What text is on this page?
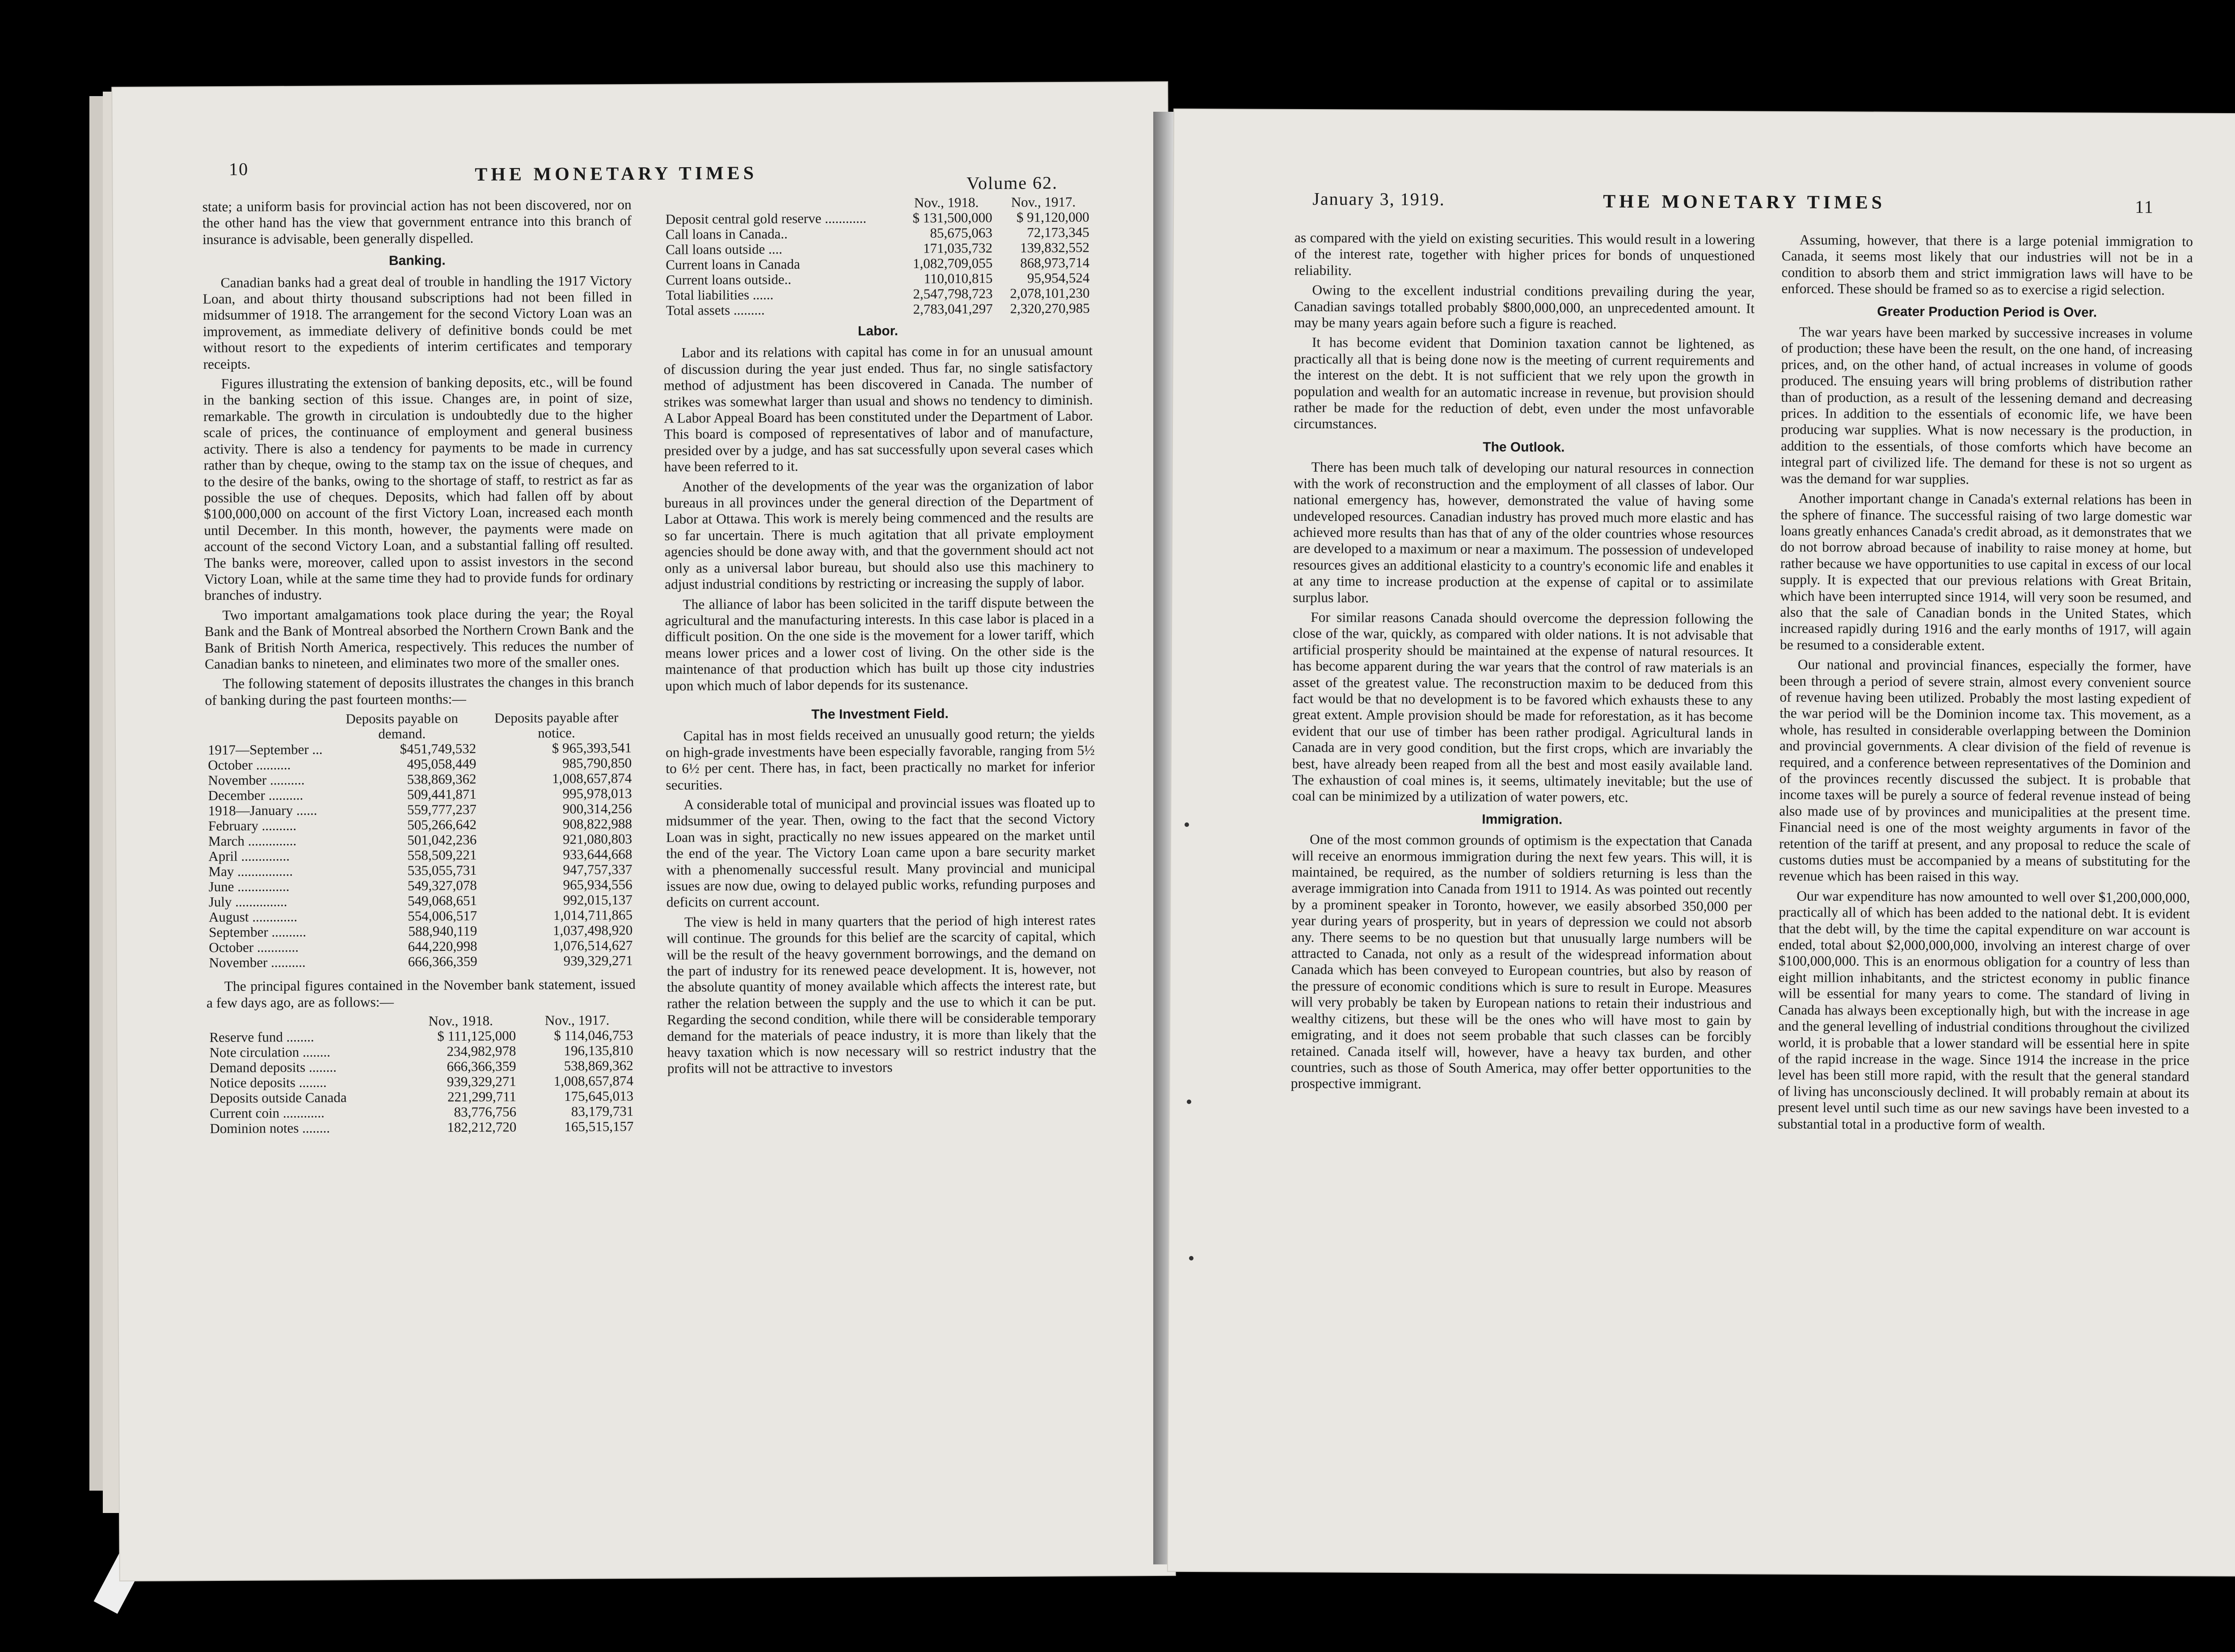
10	THE MONETARY TIMES	Volume 62.

state; a uniform basis for provincial action has not been discovered, nor on the other hand has the view that government entrance into this branch of insurance is advisable, been generally dispelled.

Banking.

Canadian banks had a great deal of trouble in handling the 1917 Victory Loan, and about thirty thousand subscriptions had not been filled in midsummer of 1918. The arrangement for the second Victory Loan was an improvement, as immediate delivery of definitive bonds could be met without resort to the expedients of interim certificates and temporary receipts.

Figures illustrating the extension of banking deposits, etc., will be found in the banking section of this issue. Changes are, in point of size, remarkable. The growth in circulation is undoubtedly due to the higher scale of prices, the continuance of employment and general business activity. There is also a tendency for payments to be made in currency rather than by cheque, owing to the stamp tax on the issue of cheques, and to the desire of the banks, owing to the shortage of staff, to restrict as far as possible the use of cheques. Deposits, which had fallen off by about $100,000,000 on account of the first Victory Loan, increased each month until December. In this month, however, the payments were made on account of the second Victory Loan, and a substantial falling off resulted. The banks were, moreover, called upon to assist investors in the second Victory Loan, while at the same time they had to provide funds for ordinary branches of industry.

Two important amalgamations took place during the year; the Royal Bank and the Bank of Montreal absorbed the Northern Crown Bank and the Bank of British North America, respectively. This reduces the number of Canadian banks to nineteen, and eliminates two more of the smaller ones.

The following statement of deposits illustrates the changes in this branch of banking during the past fourteen months:—

	Deposits payable on demand.	Deposits payable after notice.
1917—September ...	$451,749,532	$ 965,393,541
October ..........	495,058,449	985,790,850
November ..........	538,869,362	1,008,657,874
December ..........	509,441,871	995,978,013
1918—January ......	559,777,237	900,314,256
February ..........	505,266,642	908,822,988
March ..............	501,042,236	921,080,803
April ..............	558,509,221	933,644,668
May ................	535,055,731	947,757,337
June ...............	549,327,078	965,934,556
July ...............	549,068,651	992,015,137
August .............	554,006,517	1,014,711,865
September ..........	588,940,119	1,037,498,920
October ............	644,220,998	1,076,514,627
November ..........	666,366,359	939,329,271

The principal figures contained in the November bank statement, issued a few days ago, are as follows:—

	Nov., 1918.	Nov., 1917.
Reserve fund ........	$ 111,125,000	$ 114,046,753
Note circulation ........	234,982,978	196,135,810
Demand deposits ........	666,366,359	538,869,362
Notice deposits ........	939,329,271	1,008,657,874
Deposits outside Canada	221,299,711	175,645,013
Current coin ............	83,776,756	83,179,731
Dominion notes ........	182,212,720	165,515,157
	Nov., 1918.	Nov., 1917.
Deposit central gold reserve ............	$ 131,500,000	$ 91,120,000
Call loans in Canada..	85,675,063	72,173,345
Call loans outside ....	171,035,732	139,832,552
Current loans in Canada	1,082,709,055	868,973,714
Current loans outside..	110,010,815	95,954,524
Total liabilities ......	2,547,798,723	2,078,101,230
Total assets .........	2,783,041,297	2,320,270,985
Labor.

Labor and its relations with capital has come in for an unusual amount of discussion during the year just ended. Thus far, no single satisfactory method of adjustment has been discovered in Canada. The number of strikes was somewhat larger than usual and shows no tendency to diminish. A Labor Appeal Board has been constituted under the Department of Labor. This board is composed of representatives of labor and of manufacture, presided over by a judge, and has sat successfully upon several cases which have been referred to it.

Another of the developments of the year was the organization of labor bureaus in all provinces under the general direction of the Department of Labor at Ottawa. This work is merely being commenced and the results are so far uncertain. There is much agitation that all private employment agencies should be done away with, and that the government should act not only as a universal labor bureau, but should also use this machinery to adjust industrial conditions by restricting or increasing the supply of labor.

The alliance of labor has been solicited in the tariff dispute between the agricultural and the manufacturing interests. In this case labor is placed in a difficult position. On the one side is the movement for a lower tariff, which means lower prices and a lower cost of living. On the other side is the maintenance of that production which has built up those city industries upon which much of labor depends for its sustenance.

The Investment Field.

Capital has in most fields received an unusually good return; the yields on high-grade investments have been especially favorable, ranging from 5½ to 6½ per cent. There has, in fact, been practically no market for inferior securities.

A considerable total of municipal and provincial issues was floated up to midsummer of the year. Then, owing to the fact that the second Victory Loan was in sight, practically no new issues appeared on the market until the end of the year. The Victory Loan came upon a bare security market with a phenomenally successful result. Many provincial and municipal issues are now due, owing to delayed public works, refunding purposes and deficits on current account.

The view is held in many quarters that the period of high interest rates will continue. The grounds for this belief are the scarcity of capital, which will be the result of the heavy government borrowings, and the demand on the part of industry for its renewed peace development. It is, however, not the absolute quantity of money available which affects the interest rate, but rather the relation between the supply and the use to which it can be put. Regarding the second condition, while there will be considerable temporary demand for the materials of peace industry, it is more than likely that the heavy taxation which is now necessary will so restrict industry that the profits will not be attractive to investors

January 3, 1919.	THE MONETARY TIMES	11

as compared with the yield on existing securities. This would result in a lowering of the interest rate, together with higher prices for bonds of unquestioned reliability.

Owing to the excellent industrial conditions prevailing during the year, Canadian savings totalled probably $800,000,000, an unprecedented amount. It may be many years again before such a figure is reached.

It has become evident that Dominion taxation cannot be lightened, as practically all that is being done now is the meeting of current requirements and the interest on the debt. It is not sufficient that we rely upon the growth in population and wealth for an automatic increase in revenue, but provision should rather be made for the reduction of debt, even under the most unfavorable circumstances.

The Outlook.

There has been much talk of developing our natural resources in connection with the work of reconstruction and the employment of all classes of labor. Our national emergency has, however, demonstrated the value of having some undeveloped resources. Canadian industry has proved much more elastic and has achieved more results than has that of any of the older countries whose resources are developed to a maximum or near a maximum. The possession of undeveloped resources gives an additional elasticity to a country's economic life and enables it at any time to increase production at the expense of capital or to assimilate surplus labor.

For similar reasons Canada should overcome the depression following the close of the war, quickly, as compared with older nations. It is not advisable that artificial prosperity should be maintained at the expense of natural resources. It has become apparent during the war years that the control of raw materials is an asset of the greatest value. The reconstruction maxim to be deduced from this fact would be that no development is to be favored which exhausts these to any great extent. Ample provision should be made for reforestation, as it has become evident that our use of timber has been rather prodigal. Agricultural lands in Canada are in very good condition, but the first crops, which are invariably the best, have already been reaped from all the best and most easily available land. The exhaustion of coal mines is, it seems, ultimately inevitable; but the use of coal can be minimized by a utilization of water powers, etc.

Immigration.

One of the most common grounds of optimism is the expectation that Canada will receive an enormous immigration during the next few years. This will, it is maintained, be required, as the number of soldiers returning is less than the average immigration into Canada from 1911 to 1914. As was pointed out recently by a prominent speaker in Toronto, however, we easily absorbed 350,000 per year during years of prosperity, but in years of depression we could not absorb any. There seems to be no question but that unusually large numbers will be attracted to Canada, not only as a result of the widespread information about Canada which has been conveyed to European countries, but also by reason of the pressure of economic conditions which is sure to result in Europe. Measures will very probably be taken by European nations to retain their industrious and wealthy citizens, but these will be the ones who will have most to gain by emigrating, and it does not seem probable that such classes can be forcibly retained. Canada itself will, however, have a heavy tax burden, and other countries, such as those of South America, may offer better opportunities to the prospective immigrant.

Assuming, however, that there is a large potenial immigration to Canada, it seems most likely that our industries will not be in a condition to absorb them and strict immigration laws will have to be enforced. These should be framed so as to exercise a rigid selection.

Greater Production Period is Over.

The war years have been marked by successive increases in volume of production; these have been the result, on the one hand, of increasing prices, and, on the other hand, of actual increases in volume of goods produced. The ensuing years will bring problems of distribution rather than of production, as a result of the lessening demand and decreasing prices. In addition to the essentials of economic life, we have been producing war supplies. What is now necessary is the production, in addition to the essentials, of those comforts which have become an integral part of civilized life. The demand for these is not so urgent as was the demand for war supplies.

Another important change in Canada's external relations has been in the sphere of finance. The successful raising of two large domestic war loans greatly enhances Canada's credit abroad, as it demonstrates that we do not borrow abroad because of inability to raise money at home, but rather because we have opportunities to use capital in excess of our local supply. It is expected that our previous relations with Great Britain, which have been interrupted since 1914, will very soon be resumed, and also that the sale of Canadian bonds in the United States, which increased rapidly during 1916 and the early months of 1917, will again be resumed to a considerable extent.

Our national and provincial finances, especially the former, have been through a period of severe strain, almost every convenient source of revenue having been utilized. Probably the most lasting expedient of the war period will be the Dominion income tax. This movement, as a whole, has resulted in considerable overlapping between the Dominion and provincial governments. A clear division of the field of revenue is required, and a conference between representatives of the Dominion and of the provinces recently discussed the subject. It is probable that income taxes will be purely a source of federal revenue instead of being also made use of by provinces and municipalities at the present time. Financial need is one of the most weighty arguments in favor of the retention of the tariff at present, and any proposal to reduce the scale of customs duties must be accompanied by a means of substituting for the revenue which has been raised in this way.

Our war expenditure has now amounted to well over $1,200,000,000, practically all of which has been added to the national debt. It is evident that the debt will, by the time the capital expenditure on war account is ended, total about $2,000,000,000, involving an interest charge of over $100,000,000. This is an enormous obligation for a country of less than eight million inhabitants, and the strictest economy in public finance will be essential for many years to come. The standard of living in Canada has always been exceptionally high, but with the increase in age and the general levelling of industrial conditions throughout the civilized world, it is probable that a lower standard will be essential here in spite of the rapid increase in the wage. Since 1914 the increase in the price level has been still more rapid, with the result that the general standard of living has unconsciously declined. It will probably remain at about its present level until such time as our new savings have been invested to a substantial total in a productive form of wealth.
